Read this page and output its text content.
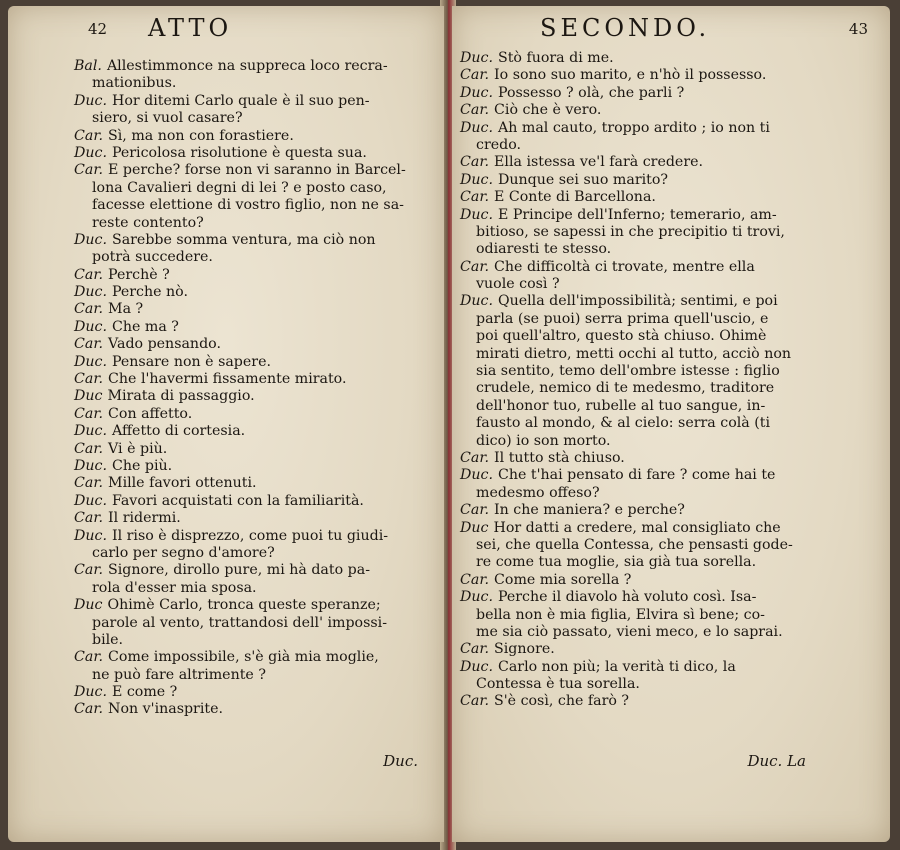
42 ATTO
Bal. Allestimmonce na suppreca loco recra-
mationibus.
Duc. Hor ditemi Carlo quale è il suo pen-
siero, si vuol casare?
Car. Sì, ma non con forastiere.
Duc. Pericolosa risolutione è questa sua.
Car. E perche? forse non vi saranno in Barcel-
lona Cavalieri degni di lei ? e posto caso,
facesse elettione di vostro figlio, non ne sa-
reste contento?
Duc. Sarebbe somma ventura, ma ciò non
potrà succedere.
Car. Perchè ?
Duc. Perche nò.
Car. Ma ?
Duc. Che ma ?
Car. Vado pensando.
Duc. Pensare non è sapere.
Car. Che l'havermi fissamente mirato.
Duc Mirata di passaggio.
Car. Con affetto.
Duc. Affetto di cortesia.
Car. Vi è più.
Duc. Che più.
Car. Mille favori ottenuti.
Duc. Favori acquistati con la familiarità.
Car. Il ridermi.
Duc. Il riso è disprezzo, come puoi tu giudi-
carlo per segno d'amore?
Car. Signore, dirollo pure, mi hà dato pa-
rola d'esser mia sposa.
Duc Ohimè Carlo, tronca queste speranze;
parole al vento, trattandosi dell' impossi-
bile.
Car. Come impossibile, s'è già mia moglie,
ne può fare altrimente ?
Duc. E come ?
Car. Non v'inasprite.
Duc.
43
SECONDO.
Duc. Stò fuora di me.
Car. Io sono suo marito, e n'hò il possesso.
Duc. Possesso ? olà, che parli ?
Car. Ciò che è vero.
Duc. Ah mal cauto, troppo ardito ; io non ti
credo.
Car. Ella istessa ve'l farà credere.
Duc. Dunque sei suo marito?
Car. E Conte di Barcellona.
Duc. E Principe dell'Inferno; temerario, am-
bitioso, se sapessi in che precipitio ti trovi,
odiaresti te stesso.
Car. Che difficoltà ci trovate, mentre ella
vuole così ?
Duc. Quella dell'impossibilità; sentimi, e poi
parla (se puoi) serra prima quell'uscio, e
poi quell'altro, questo stà chiuso. Ohimè
mirati dietro, metti occhi al tutto, acciò non
sia sentito, temo dell'ombre istesse : figlio
crudele, nemico di te medesmo, traditore
dell'honor tuo, rubelle al tuo sangue, in-
fausto al mondo, & al cielo: serra colà (ti
dico) io son morto.
Car. Il tutto stà chiuso.
Duc. Che t'hai pensato di fare ? come hai te
medesmo offeso?
Car. In che maniera? e perche?
Duc Hor datti a credere, mal consigliato che
sei, che quella Contessa, che pensasti gode-
re come tua moglie, sia già tua sorella.
Car. Come mia sorella ?
Duc. Perche il diavolo hà voluto così. Isa-
bella non è mia figlia, Elvira sì bene; co-
me sia ciò passato, vieni meco, e lo saprai.
Car. Signore.
Duc. Carlo non più; la verità ti dico, la
Contessa è tua sorella.
Car. S'è così, che farò ?
Duc. La
